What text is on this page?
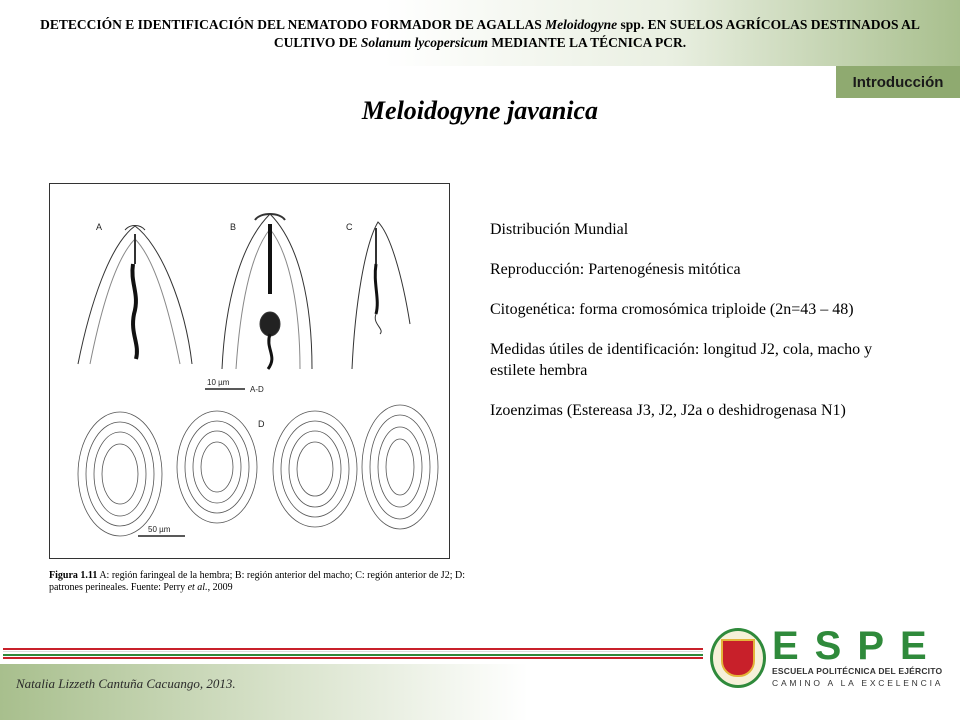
DETECCIÓN E IDENTIFICACIÓN DEL NEMATODO FORMADOR DE AGALLAS Meloidogyne spp. EN SUELOS AGRÍCOLAS DESTINADOS AL CULTIVO DE Solanum lycopersicum MEDIANTE LA TÉCNICA PCR.
Introducción
Meloidogyne javanica
A	B	C
10 µm
A-D
D
50 µm
Figura 1.11 A: región faringeal de la hembra; B: región anterior del macho; C: región anterior de J2; D: patrones perineales. Fuente: Perry et al., 2009
Distribución Mundial
Reproducción: Partenogénesis mitótica
Citogenética: forma cromosómica triploide (2n=43 – 48)
Medidas útiles de identificación: longitud J2, cola, macho y estilete hembra
Izoenzimas (Estereasa J3, J2, J2a o deshidrogenasa N1)
Natalia Lizzeth Cantuña Cacuango, 2013.
ESPE
ESCUELA POLITÉCNICA DEL EJÉRCITO
CAMINO A LA EXCELENCIA
